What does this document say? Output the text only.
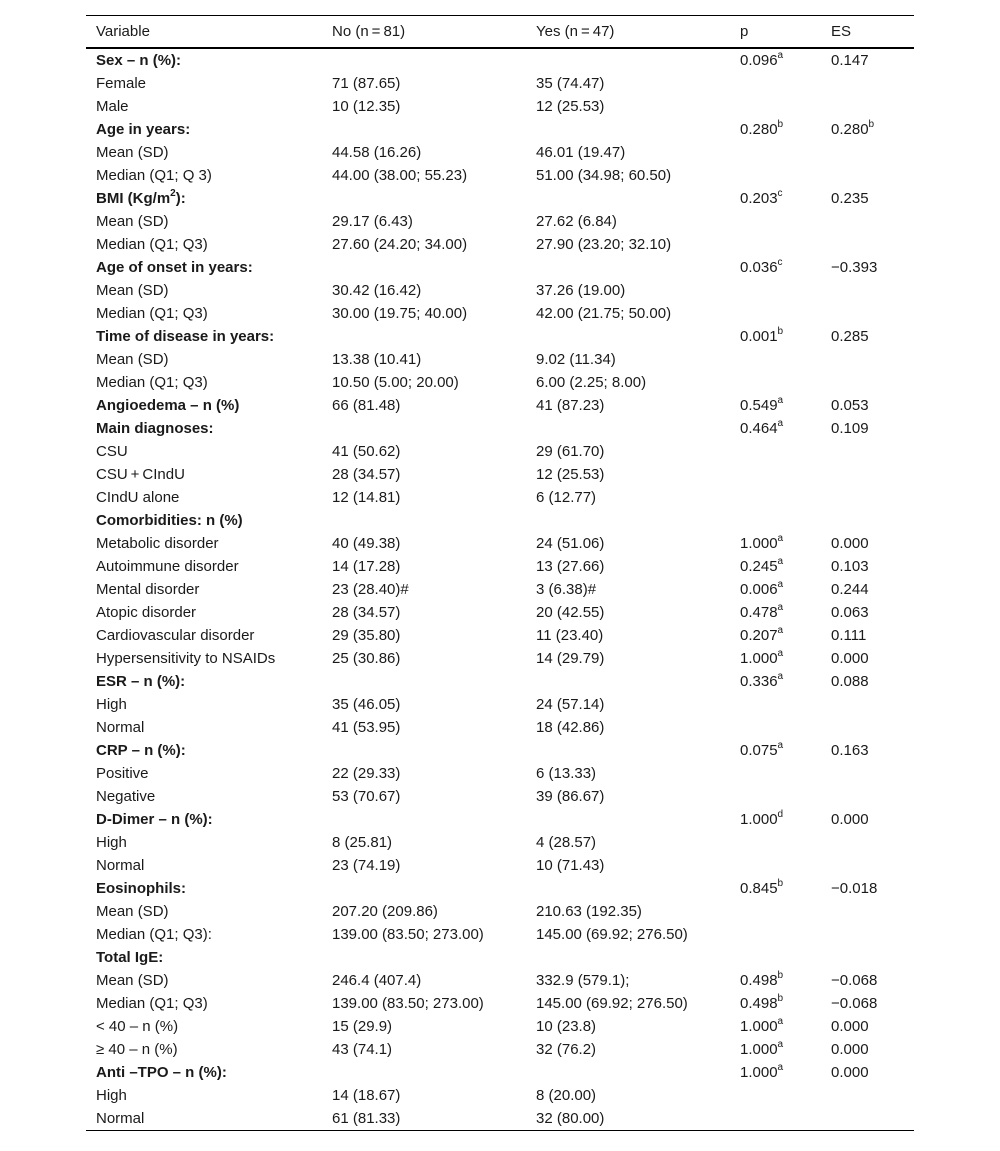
Variable	No (n = 81)	Yes (n = 47)	p	ES
Sex – n (%):			0.096$^a$	0.147
Female	71 (87.65)	35 (74.47)		
Male	10 (12.35)	12 (25.53)		
Age in years:			0.280$^b$	0.280$^b$
Mean (SD)	44.58 (16.26)	46.01 (19.47)		
Median (Q1; Q 3)	44.00 (38.00; 55.23)	51.00 (34.98; 60.50)		
BMI $(Kg/m^2)$:			0.203$^c$	0.235
Mean (SD)	29.17 (6.43)	27.62 (6.84)		
Median (Q1; Q3)	27.60 (24.20; 34.00)	27.90 (23.20; 32.10)		
Age of onset in years:			0.036$^c$	−0.393
Mean (SD)	30.42 (16.42)	37.26 (19.00)		
Median (Q1; Q3)	30.00 (19.75; 40.00)	42.00 (21.75; 50.00)		
Time of disease in years:			0.001$^b$	0.285
Mean (SD)	13.38 (10.41)	9.02 (11.34)		
Median (Q1; Q3)	10.50 (5.00; 20.00)	6.00 (2.25; 8.00)		
Angioedema – n (%)	66 (81.48)	41 (87.23)	0.549$^a$	0.053
Main diagnoses:			0.464$^a$	0.109
CSU	41 (50.62)	29 (61.70)		
CSU + CIndU	28 (34.57)	12 (25.53)		
CIndU alone	12 (14.81)	6 (12.77)		
Comorbidities: n (%)				
Metabolic disorder	40 (49.38)	24 (51.06)	1.000$^a$	0.000
Autoimmune disorder	14 (17.28)	13 (27.66)	0.245$^a$	0.103
Mental disorder	23 (28.40)#	3 (6.38)#	0.006$^a$	0.244
Atopic disorder	28 (34.57)	20 (42.55)	0.478$^a$	0.063
Cardiovascular disorder	29 (35.80)	11 (23.40)	0.207$^a$	0.111
Hypersensitivity to NSAIDs	25 (30.86)	14 (29.79)	1.000$^a$	0.000
ESR – n (%):			0.336$^a$	0.088
High	35 (46.05)	24 (57.14)		
Normal	41 (53.95)	18 (42.86)		
CRP – n (%):			0.075$^a$	0.163
Positive	22 (29.33)	6 (13.33)		
Negative	53 (70.67)	39 (86.67)		
D-Dimer – n (%):			1.000$^d$	0.000
High	8 (25.81)	4 (28.57)		
Normal	23 (74.19)	10 (71.43)		
Eosinophils:			0.845$^b$	−0.018
Mean (SD)	207.20 (209.86)	210.63 (192.35)		
Median (Q1; Q3):	139.00 (83.50; 273.00)	145.00 (69.92; 276.50)		
Total IgE:				
Mean (SD)	246.4 (407.4)	332.9 (579.1);	0.498$^b$	−0.068
Median (Q1; Q3)	139.00 (83.50; 273.00)	145.00 (69.92; 276.50)	0.498$^b$	−0.068
< 40 – n (%)	15 (29.9)	10 (23.8)	1.000$^a$	0.000
≥ 40 – n (%)	43 (74.1)	32 (76.2)	1.000$^a$	0.000
Anti –TPO – n (%):			1.000$^a$	0.000
High	14 (18.67)	8 (20.00)		
Normal	61 (81.33)	32 (80.00)		
